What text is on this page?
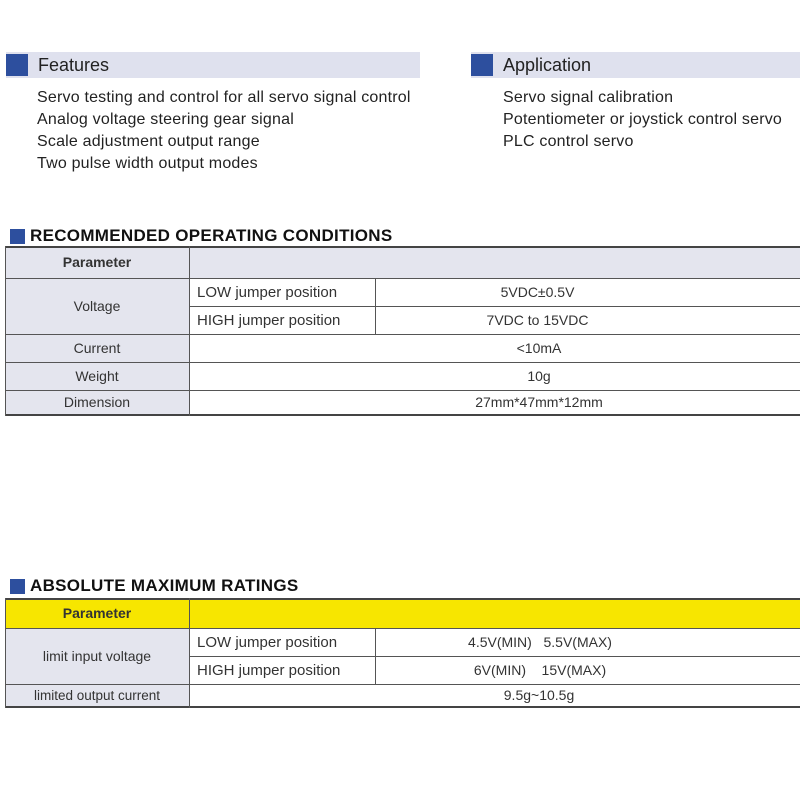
Features
Servo testing and control for all servo signal control
Analog voltage steering gear signal
Scale adjustment output range
Two pulse width output modes
Application
Servo signal calibration
Potentiometer or joystick control servo
PLC control servo
RECOMMENDED OPERATING CONDITIONS
Parameter
Voltage
LOW jumper position	5VDC±0.5V
HIGH jumper position	7VDC to 15VDC
Current	<10mA
Weight	10g
Dimension	27mm*47mm*12mm
ABSOLUTE MAXIMUM RATINGS
Parameter
limit input voltage
LOW jumper position	4.5V(MIN)   5.5V(MAX)
HIGH jumper position	6V(MIN)    15V(MAX)
limited output current	9.5g~10.5g
